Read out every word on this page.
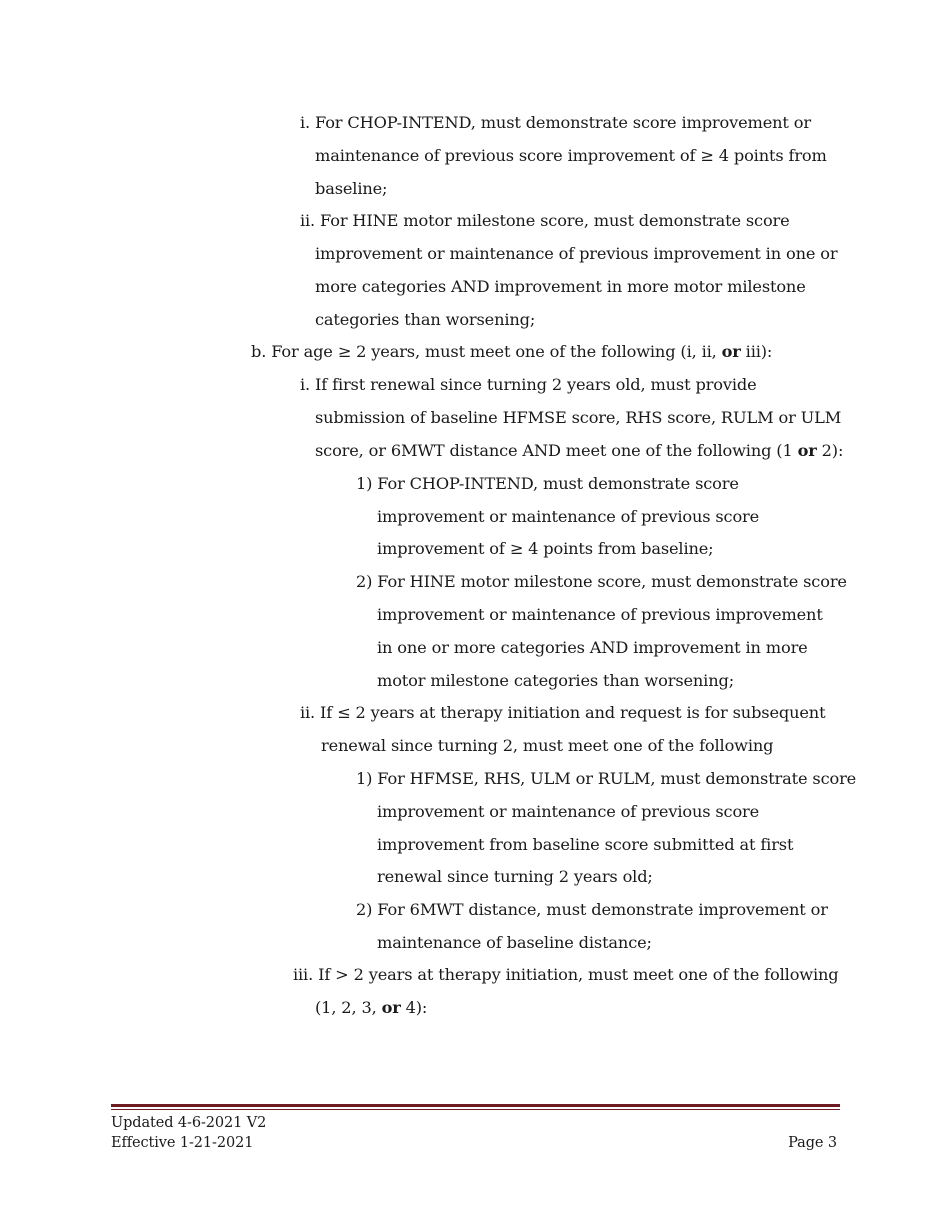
i. For CHOP-INTEND, must demonstrate score improvement or
maintenance of previous score improvement of ≥ 4 points from
baseline;
ii. For HINE motor milestone score, must demonstrate score
improvement or maintenance of previous improvement in one or
more categories AND improvement in more motor milestone
categories than worsening;
b. For age ≥ 2 years, must meet one of the following (i, ii, or iii):
i. If first renewal since turning 2 years old, must provide
submission of baseline HFMSE score, RHS score, RULM or ULM
score, or 6MWT distance AND meet one of the following (1 or 2):
1) For CHOP-INTEND, must demonstrate score
improvement or maintenance of previous score
improvement of ≥ 4 points from baseline;
2) For HINE motor milestone score, must demonstrate score
improvement or maintenance of previous improvement
in one or more categories AND improvement in more
motor milestone categories than worsening;
ii. If ≤ 2 years at therapy initiation and request is for subsequent
renewal since turning 2, must meet one of the following
1) For HFMSE, RHS, ULM or RULM, must demonstrate score
improvement or maintenance of previous score
improvement from baseline score submitted at first
renewal since turning 2 years old;
2) For 6MWT distance, must demonstrate improvement or
maintenance of baseline distance;
iii. If > 2 years at therapy initiation, must meet one of the following
(1, 2, 3, or 4):
Updated 4-6-2021 V2
Effective 1-21-2021	Page 3
